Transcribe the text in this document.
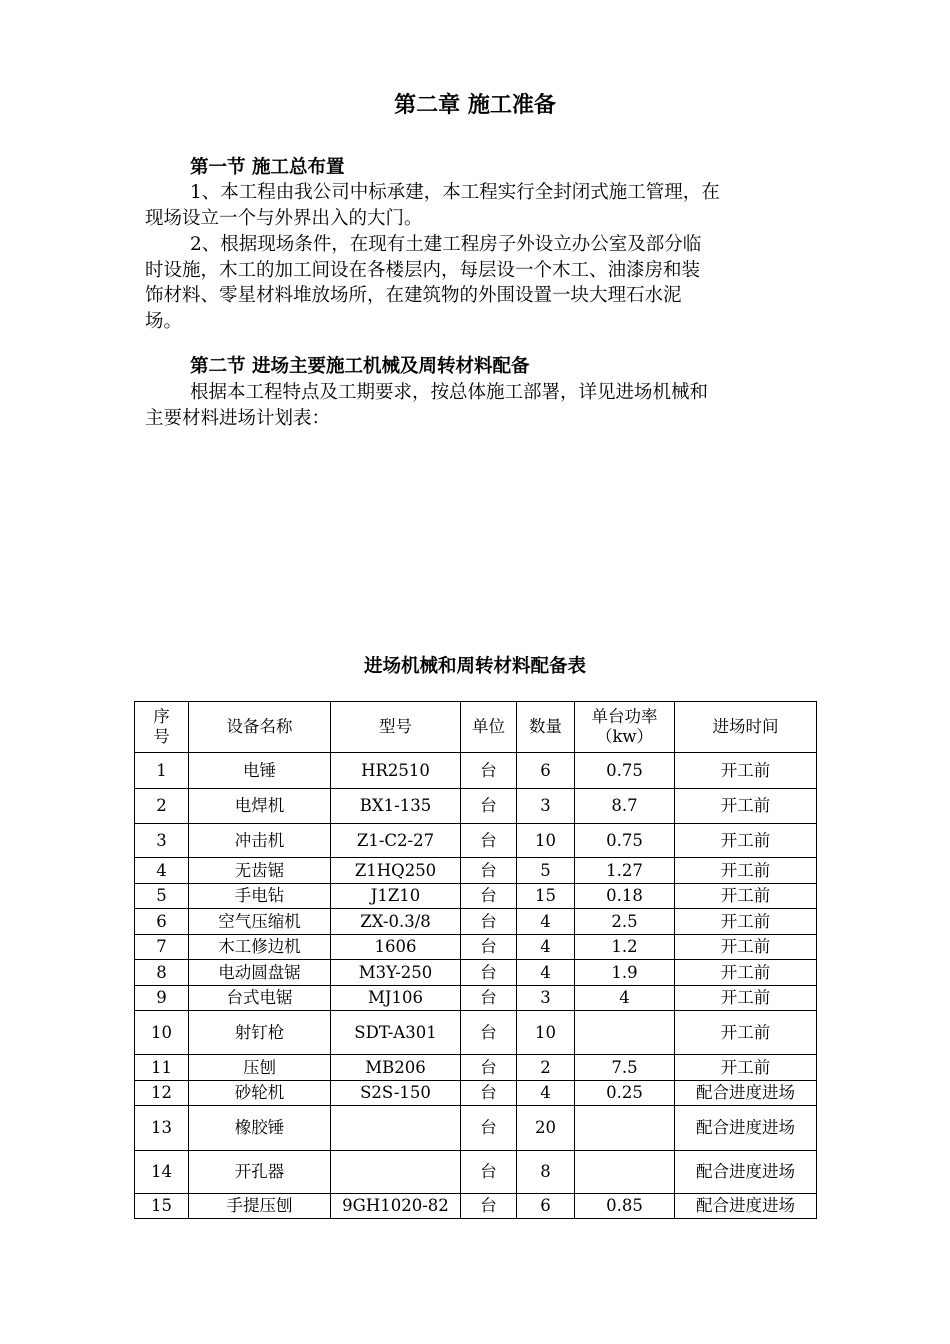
第二章 施工准备
第一节 施工总布置
1、本工程由我公司中标承建，本工程实行全封闭式施工管理，在
现场设立一个与外界出入的大门。
2、根据现场条件，在现有土建工程房子外设立办公室及部分临
时设施，木工的加工间设在各楼层内，每层设一个木工、油漆房和装
饰材料、零星材料堆放场所，在建筑物的外围设置一块大理石水泥
场。
第二节 进场主要施工机械及周转材料配备
根据本工程特点及工期要求，按总体施工部署，详见进场机械和
主要材料进场计划表：
进场机械和周转材料配备表
序号	设备名称	型号	单位	数量	单台功率（kw）	进场时间
1	电锤	HR2510	台	6	0.75	开工前
2	电焊机	BX1-135	台	3	8.7	开工前
3	冲击机	Z1-C2-27	台	10	0.75	开工前
4	无齿锯	Z1HQ250	台	5	1.27	开工前
5	手电钻	J1Z10	台	15	0.18	开工前
6	空气压缩机	ZX-0.3/8	台	4	2.5	开工前
7	木工修边机	1606	台	4	1.2	开工前
8	电动圆盘锯	M3Y-250	台	4	1.9	开工前
9	台式电锯	MJ106	台	3	4	开工前
10	射钉枪	SDT-A301	台	10		开工前
11	压刨	MB206	台	2	7.5	开工前
12	砂轮机	S2S-150	台	4	0.25	配合进度进场
13	橡胶锤		台	20		配合进度进场
14	开孔器		台	8		配合进度进场
15	手提压刨	9GH1020-82	台	6	0.85	配合进度进场
